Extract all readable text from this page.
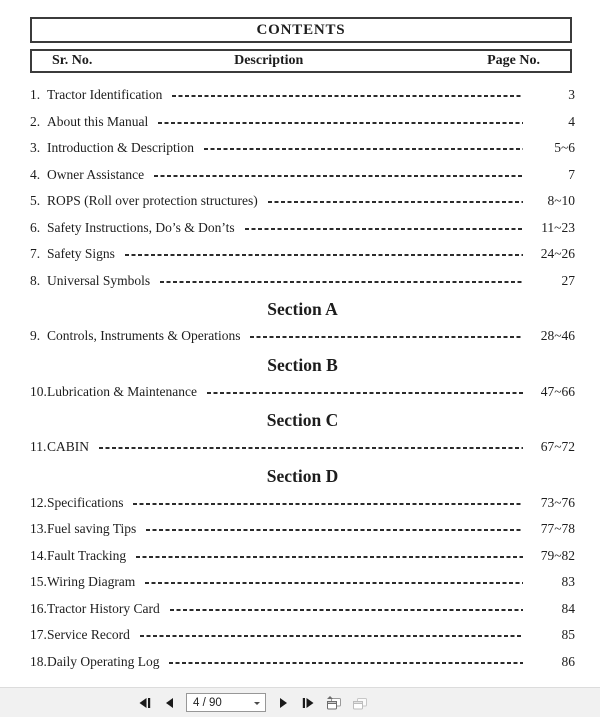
CONTENTS
Sr. No.	Description	Page No.
1. Tractor Identification	3
2. About this Manual	4
3. Introduction & Description	5~6
4. Owner Assistance	7
5. ROPS (Roll over protection structures)	8~10
6. Safety Instructions, Do’s & Don’ts	11~23
7. Safety Signs	24~26
8. Universal Symbols	27
Section A
9. Controls, Instruments & Operations	28~46
Section B
10. Lubrication & Maintenance	47~66
Section C
11. CABIN	67~72
Section D
12. Specifications	73~76
13. Fuel saving Tips	77~78
14. Fault Tracking	79~82
15. Wiring Diagram	83
16. Tractor History Card	84
17. Service Record	85
18. Daily Operating Log	86
4 / 90
